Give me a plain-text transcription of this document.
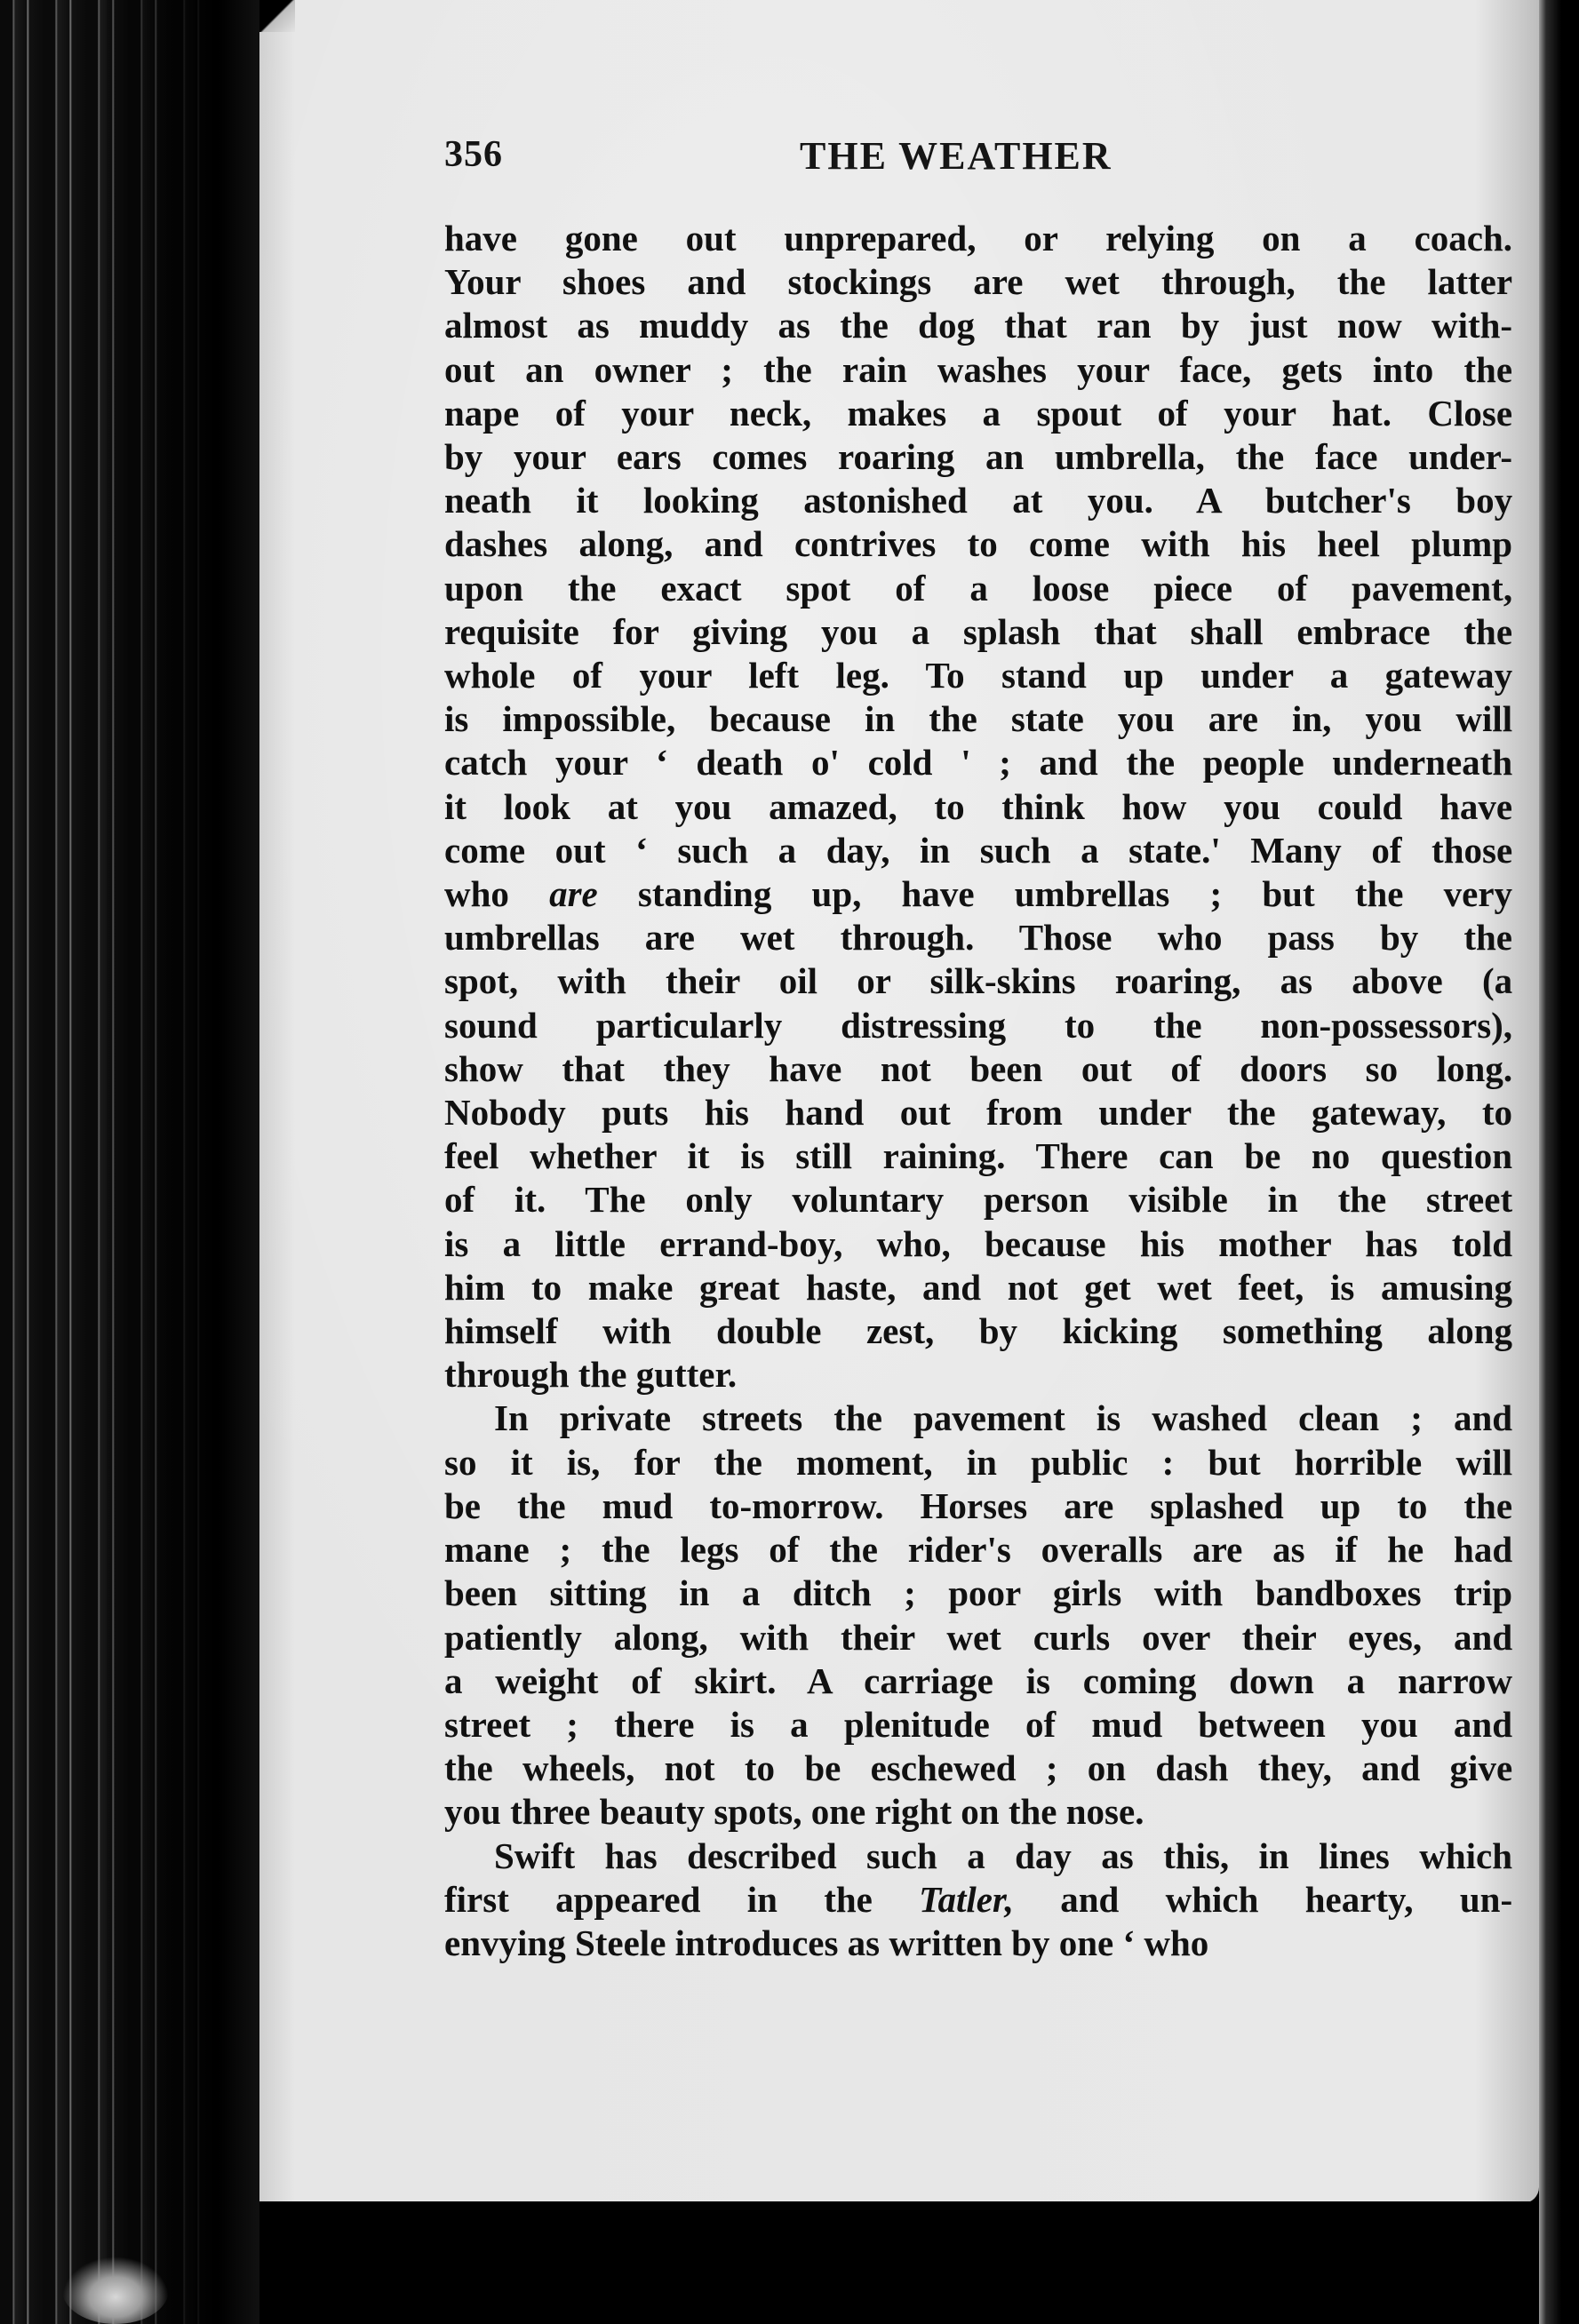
356	THE WEATHER
have gone out unprepared, or relying on a coach.
Your shoes and stockings are wet through, the latter
almost as muddy as the dog that ran by just now with-
out an owner ; the rain washes your face, gets into the
nape of your neck, makes a spout of your hat. Close
by your ears comes roaring an umbrella, the face under-
neath it looking astonished at you. A butcher's boy
dashes along, and contrives to come with his heel plump
upon the exact spot of a loose piece of pavement,
requisite for giving you a splash that shall embrace the
whole of your left leg. To stand up under a gateway
is impossible, because in the state you are in, you will
catch your ‘ death o' cold ' ; and the people underneath
it look at you amazed, to think how you could have
come out ‘ such a day, in such a state.' Many of those
who are standing up, have umbrellas ; but the very
umbrellas are wet through. Those who pass by the
spot, with their oil or silk-skins roaring, as above (a
sound particularly distressing to the non-possessors),
show that they have not been out of doors so long.
Nobody puts his hand out from under the gateway, to
feel whether it is still raining. There can be no question
of it. The only voluntary person visible in the street
is a little errand-boy, who, because his mother has told
him to make great haste, and not get wet feet, is amusing
himself with double zest, by kicking something along
through the gutter.
In private streets the pavement is washed clean ; and
so it is, for the moment, in public : but horrible will
be the mud to-morrow. Horses are splashed up to the
mane ; the legs of the rider's overalls are as if he had
been sitting in a ditch ; poor girls with bandboxes trip
patiently along, with their wet curls over their eyes, and
a weight of skirt. A carriage is coming down a narrow
street ; there is a plenitude of mud between you and
the wheels, not to be eschewed ; on dash they, and give
you three beauty spots, one right on the nose.
Swift has described such a day as this, in lines which
first appeared in the Tatler, and which hearty, un-
envying Steele introduces as written by one ‘ who
